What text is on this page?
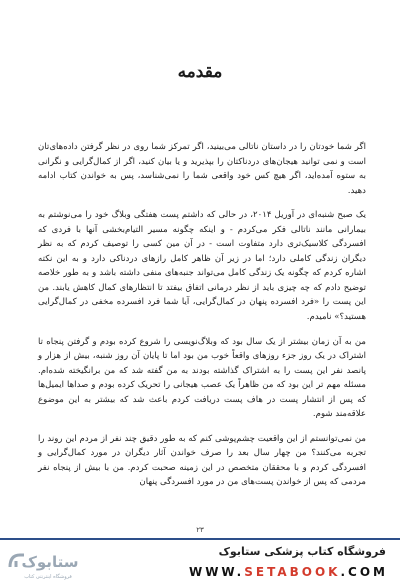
مقدمه

اگر شما خودتان را در داستان ناتالی می‌بینید، اگر تمرکز شما روی در نظر گرفتن داده‌های‌تان است و نمی توانید هیجان‌های دردناکتان را بپذیرید و یا بیان کنید، اگر از کمال‌گرایی و نگرانی به ستوه آمده‌اید، اگر هیچ کس خود واقعی شما را نمی‌شناسد، پس به خواندن کتاب ادامه دهید.

یک صبح شنبه‌ای در آوریل ۲۰۱۴، در حالی که داشتم پست هفتگی وبلاگ خود را می‌نوشتم به بیمارانی مانند ناتالی فکر می‌کردم - و اینکه چگونه مسیر التیام‌بخشی آنها با فردی که افسردگی کلاسیک‌تری دارد متفاوت است - در آن مین کسی را توصیف کردم که به نظر دیگران زندگی کاملی دارد؛ اما در زیر آن ظاهر کامل رازهای دردناکی دارد و به این نکته اشاره کردم که چگونه یک زندگی کامل می‌تواند جنبه‌های منفی داشته باشد و به طور خلاصه توضیح دادم که چه چیزی باید از نظر درمانی اتفاق بیفتد تا انتظارهای کمال کاهش یابند. من این پست را «فرد افسرده پنهان در کمال‌گرایی، آیا شما فرد افسرده مخفی در کمال‌گرایی هستید؟» نامیدم.

من به آن زمان بیشتر از یک سال بود که وبلاگ‌نویسی را شروع کرده بودم و گرفتن پنجاه تا اشتراک در یک روز جزء روزهای واقعاً خوب من بود اما تا پایان آن روز شنبه، بیش از هزار و پانصد نفر این پست را به اشتراک گذاشته بودند به من گفته شد که من برانگیخته شده‌ام. مسئله مهم تر این بود که من ظاهراً یک عصب هیجانی را تحریک کرده بودم و صداها ایمیل‌ها که پس از انتشار پست در هاف پست دریافت کردم باعث شد که بیشتر به این موضوع علاقه‌مند شوم.

من نمی‌توانستم از این واقعیت چشم‌پوشی کنم که به طور دقیق چند نفر از مردم این روند را تجربه می‌کنند؟ من چهار سال بعد را صرف خواندن آثار دیگران در مورد کمال‌گرایی و افسردگی کردم و با محققان متخصص در این زمینه صحبت کردم. من با بیش از پنجاه نفر مردمی که پس از خواندن پست‌های من در مورد افسردگی پنهان

۲۳
ستابوک
فروشگاه اینترنتی کتاب
فروشگاه کتاب پزشکی ستابوک
WWW.SETABOOK.COM
